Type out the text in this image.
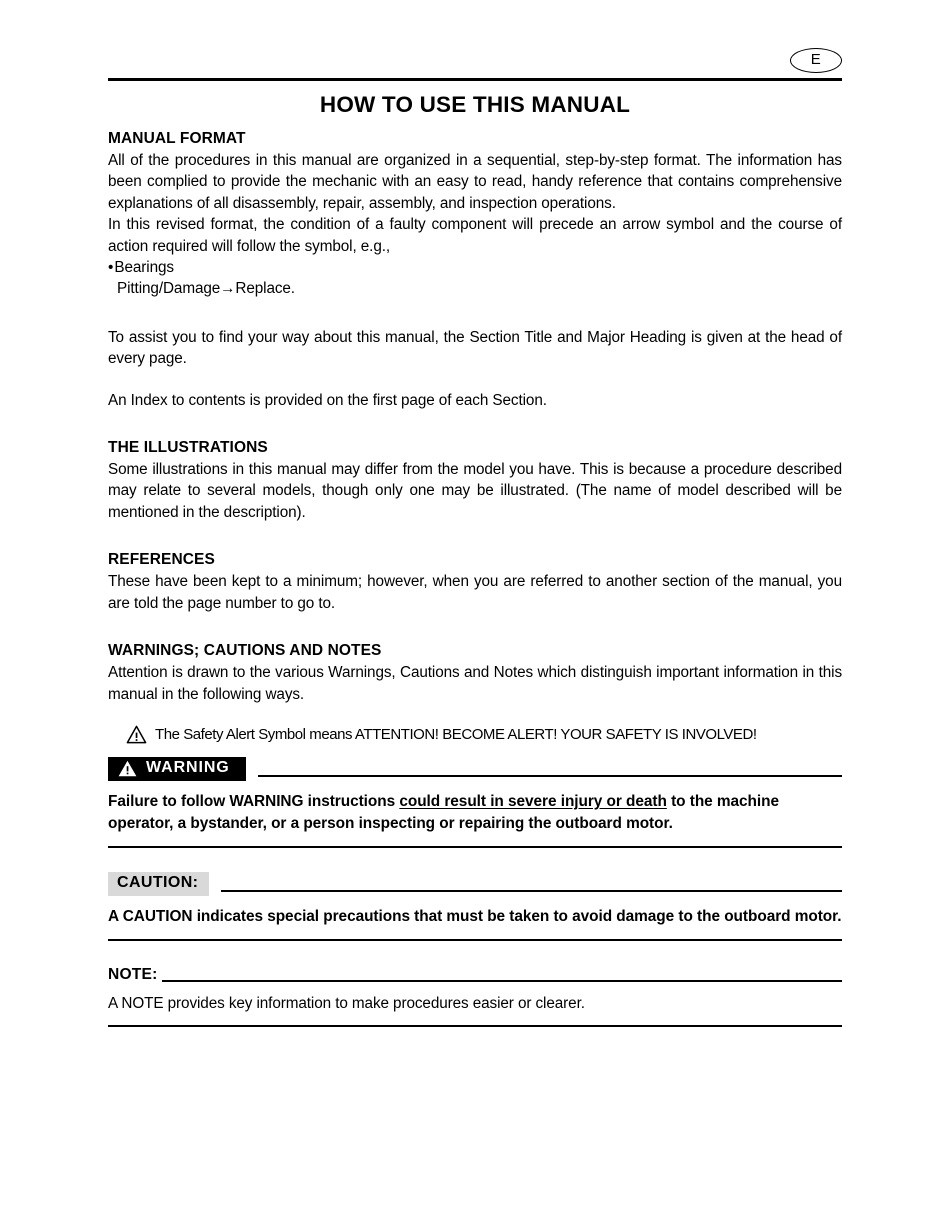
E
HOW TO USE THIS MANUAL
MANUAL FORMAT

All of the procedures in this manual are organized in a sequential, step-by-step format. The information has been complied to provide the mechanic with an easy to read, handy reference that contains comprehensive explanations of all disassembly, repair, assembly, and inspection operations.

In this revised format, the condition of a faulty component will precede an arrow symbol and the course of action required will follow the symbol, e.g.,

•Bearings
Pitting/Damage→Replace.

To assist you to find your way about this manual, the Section Title and Major Heading is given at the head of every page.

An Index to contents is provided on the first page of each Section.

THE ILLUSTRATIONS

Some illustrations in this manual may differ from the model you have. This is because a procedure described may relate to several models, though only one may be illustrated. (The name of model described will be mentioned in the description).

REFERENCES

These have been kept to a minimum; however, when you are referred to another section of the manual, you are told the page number to go to.

WARNINGS; CAUTIONS AND NOTES

Attention is drawn to the various Warnings, Cautions and Notes which distinguish important information in this manual in the following ways.

The Safety Alert Symbol means ATTENTION! BECOME ALERT! YOUR SAFETY IS INVOLVED!
WARNING

Failure to follow WARNING instructions could result in severe injury or death to the machine operator, a bystander, or a person inspecting or repairing the outboard motor.

CAUTION:

A CAUTION indicates special precautions that must be taken to avoid damage to the outboard motor.

NOTE:

A NOTE provides key information to make procedures easier or clearer.
